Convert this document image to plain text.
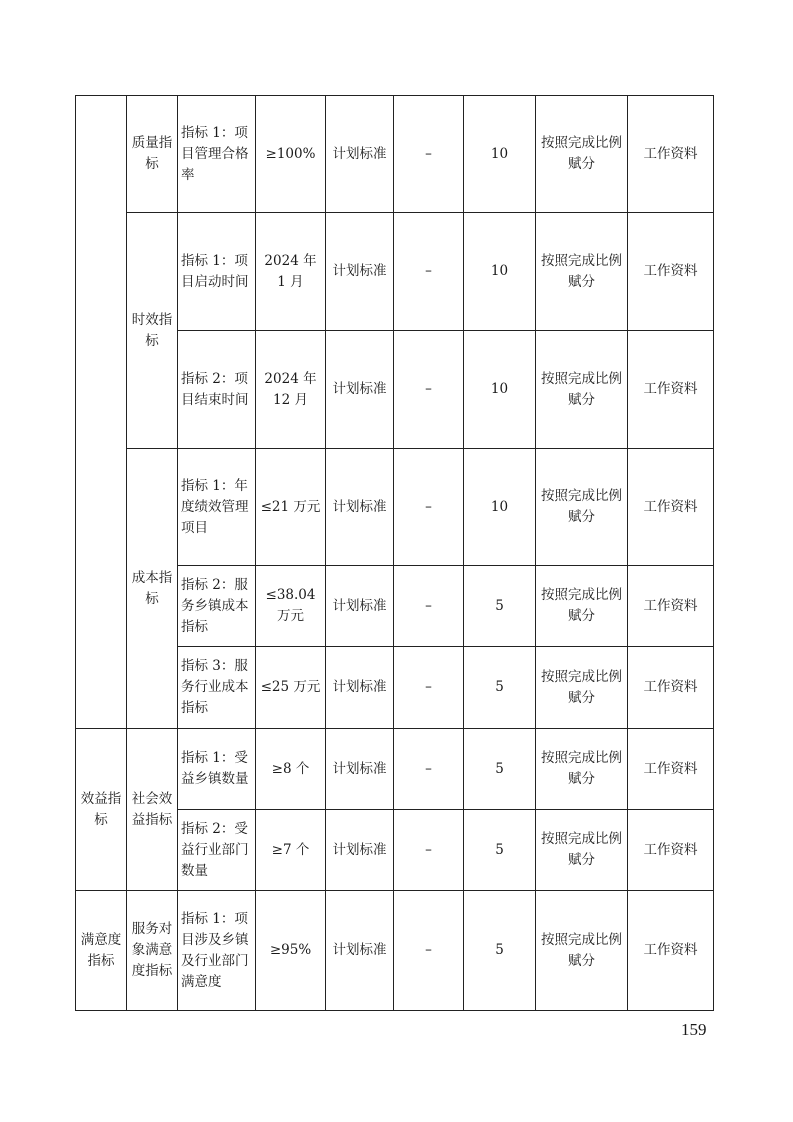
	质量指标	指标 1：项目管理合格率	≥100%	计划标准	–	10	按照完成比例赋分	工作资料
	时效指标	指标 1：项目启动时间	2024 年 1 月	计划标准	–	10	按照完成比例赋分	工作资料
		指标 2：项目结束时间	2024 年 12 月	计划标准	–	10	按照完成比例赋分	工作资料
	成本指标	指标 1：年度绩效管理项目	≤21 万元	计划标准	–	10	按照完成比例赋分	工作资料
		指标 2：服务乡镇成本指标	≤38.04 万元	计划标准	–	5	按照完成比例赋分	工作资料
		指标 3：服务行业成本指标	≤25 万元	计划标准	–	5	按照完成比例赋分	工作资料
效益指标	社会效益指标	指标 1：受益乡镇数量	≥8 个	计划标准	–	5	按照完成比例赋分	工作资料
		指标 2：受益行业部门数量	≥7 个	计划标准	–	5	按照完成比例赋分	工作资料
满意度指标	服务对象满意度指标	指标 1：项目涉及乡镇及行业部门满意度	≥95%	计划标准	–	5	按照完成比例赋分	工作资料
159
